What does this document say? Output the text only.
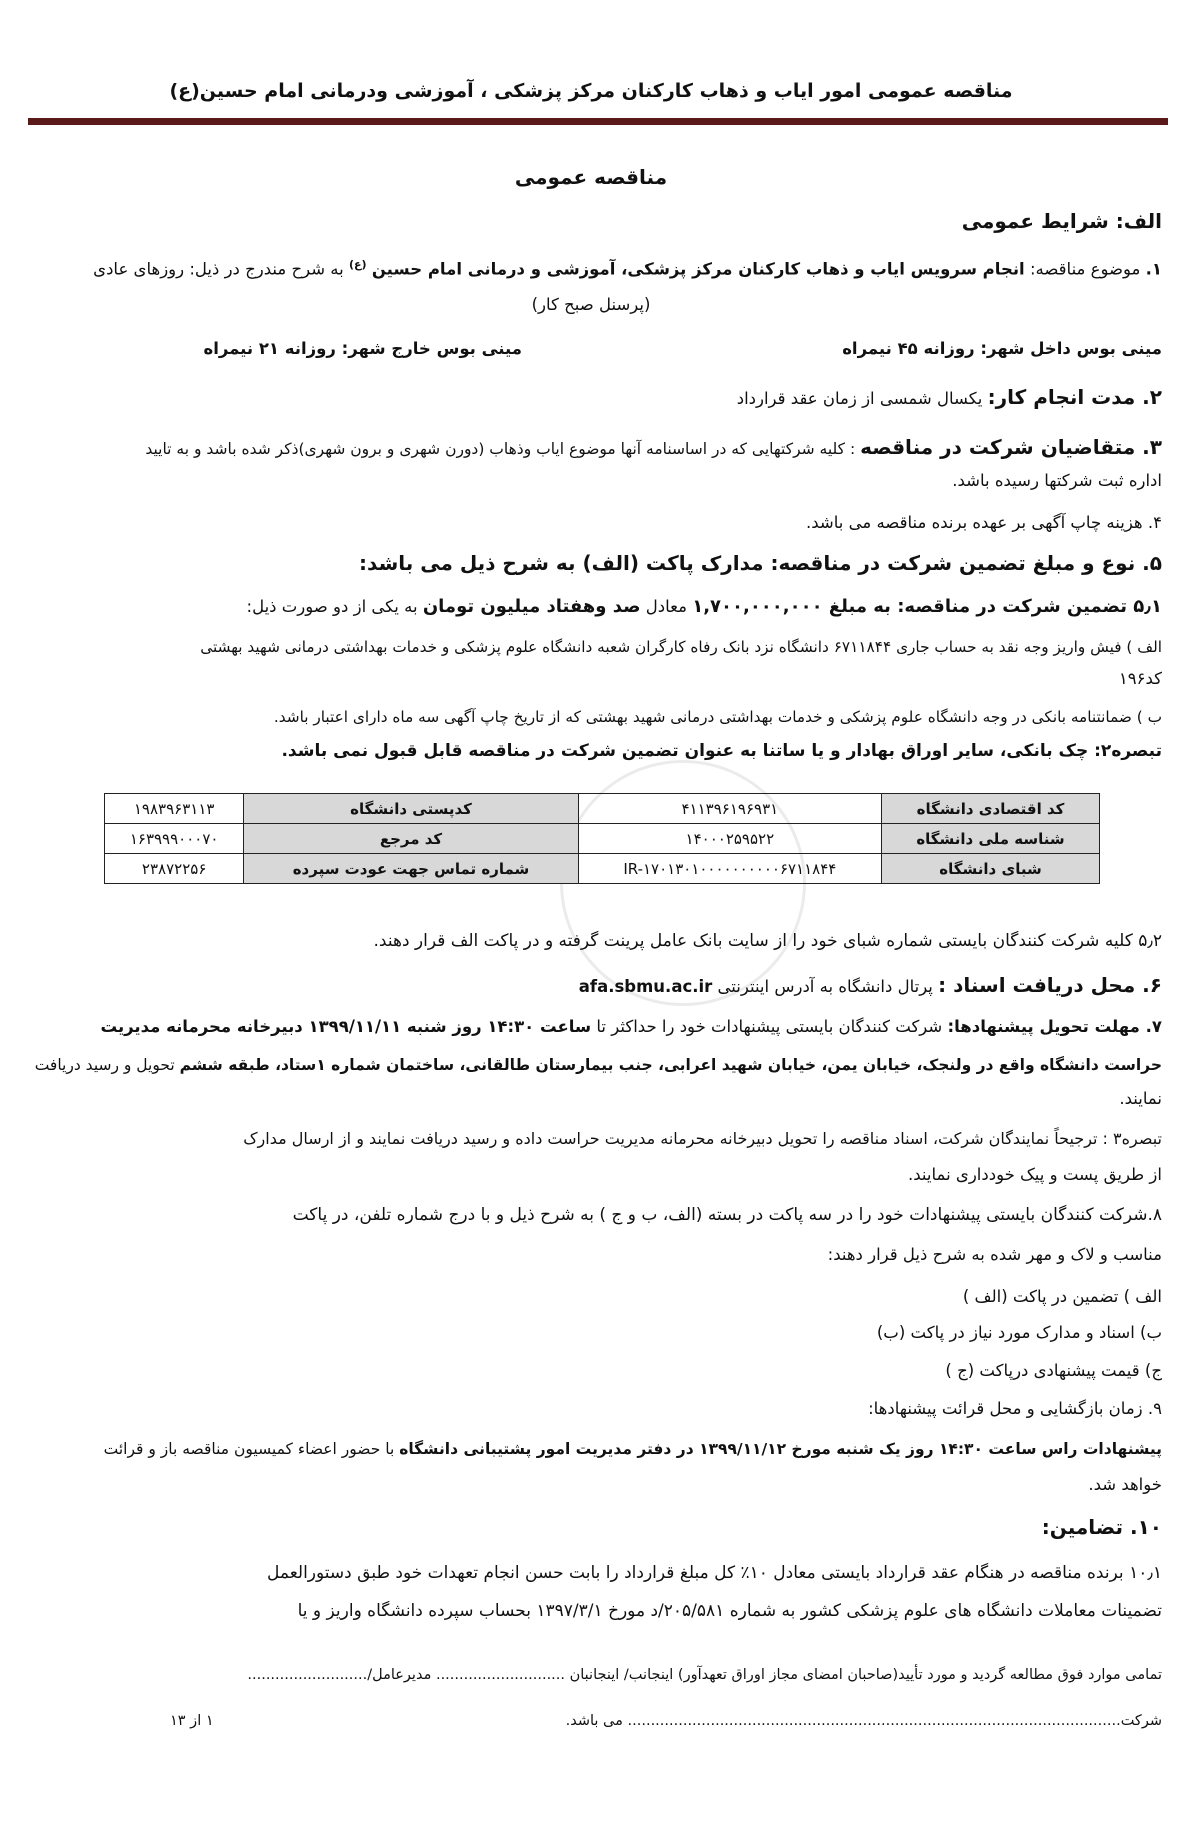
مناقصه عمومی امور ایاب و ذهاب کارکنان مرکز پزشکی ، آموزشی ودرمانی امام حسین(ع)
مناقصه عمومی
الف: شرایط عمومی
۱. موضوع مناقصه: انجام سرویس ایاب و ذهاب کارکنان مرکز پزشکی، آموزشی و درمانی امام حسین $^{(ع)}$ به شرح مندرج در ذیل: روزهای عادی
(پرسنل صبح کار)
مینی بوس داخل شهر: روزانه ۴۵ نیمراه
مینی بوس خارج شهر: روزانه ۲۱ نیمراه
۲. مدت انجام کار: یکسال شمسی از زمان عقد قرارداد
۳. متقاضیان شرکت در مناقصه : کلیه شرکتهایی که در اساسنامه آنها موضوع ایاب وذهاب (دورن شهری و برون شهری)ذکر شده باشد و به تایید
اداره ثبت شرکتها رسیده باشد.
۴. هزینه چاپ آگهی بر عهده برنده مناقصه می باشد.
۵. نوع و مبلغ تضمین شرکت در مناقصه: مدارک پاکت (الف) به شرح ذیل می باشد:
۵٫۱ تضمین شرکت در مناقصه: به مبلغ ۱,۷۰۰,۰۰۰,۰۰۰ معادل صد وهفتاد میلیون تومان به یکی از دو صورت ذیل:
الف ) فیش واریز وجه نقد به حساب جاری ۶۷۱۱۸۴۴ دانشگاه نزد بانک رفاه کارگران شعبه دانشگاه علوم پزشکی و خدمات بهداشتی درمانی شهید بهشتی
کد۱۹۶
ب ) ضمانتنامه بانکی در وجه دانشگاه علوم پزشکی و خدمات بهداشتی درمانی شهید بهشتی که از تاریخ چاپ آگهی سه ماه دارای اعتبار باشد.
تبصره۲: چک بانکی، سایر اوراق بهادار و یا ساتنا به عنوان تضمین شرکت در مناقصه قابل قبول نمی باشد.
کد اقتصادی دانشگاه	۴۱۱۳۹۶۱۹۶۹۳۱	کدپستی دانشگاه	۱۹۸۳۹۶۳۱۱۳
شناسه ملی دانشگاه	۱۴۰۰۰۲۵۹۵۲۲	کد مرجع	۱۶۳۹۹۹۰۰۰۷۰
شبای دانشگاه	IR-۱۷۰۱۳۰۱۰۰۰۰۰۰۰۰۰۰۶۷۱۱۸۴۴	شماره تماس جهت عودت سپرده	۲۳۸۷۲۲۵۶
۵٫۲ کلیه شرکت کنندگان بایستی شماره شبای خود را از سایت بانک عامل پرینت گرفته و در پاکت الف قرار دهند.
۶. محل دریافت اسناد : پرتال دانشگاه به آدرس اینترنتی afa.sbmu.ac.ir
۷. مهلت تحویل پیشنهادها: شرکت کنندگان بایستی پیشنهادات خود را حداکثر تا ساعت ۱۴:۳۰ روز شنبه ۱۳۹۹/۱۱/۱۱ دبیرخانه محرمانه مدیریت
حراست دانشگاه واقع در ولنجک، خیابان یمن، خیابان شهید اعرابی، جنب بیمارستان طالقانی، ساختمان شماره ۱ستاد، طبقه ششم تحویل و رسید دریافت
نمایند.
تبصره۳ : ترجیحاً نمایندگان شرکت، اسناد مناقصه را تحویل دبیرخانه محرمانه مدیریت حراست داده و رسید دریافت نمایند و از ارسال مدارک
از طریق پست و پیک خودداری نمایند.
۸.شرکت کنندگان بایستی پیشنهادات خود را در سه پاکت در بسته (الف، ب و ج ) به شرح ذیل و با درج شماره تلفن، در پاکت
مناسب و لاک و مهر شده به شرح ذیل قرار دهند:
الف ) تضمین در پاکت (الف )
ب) اسناد و مدارک مورد نیاز در پاکت (ب)
ج) قیمت پیشنهادی درپاکت (ج )
۹. زمان بازگشایی و محل قرائت پیشنهادها:
پیشنهادات راس ساعت ۱۴:۳۰ روز یک شنبه مورخ ۱۳۹۹/۱۱/۱۲ در دفتر مدیریت امور پشتیبانی دانشگاه با حضور اعضاء کمیسیون مناقصه باز و قرائت
خواهد شد.
۱۰. تضامین:
۱۰٫۱ برنده مناقصه در هنگام عقد قرارداد بایستی معادل ۱۰٪ کل مبلغ قرارداد را بابت حسن انجام تعهدات خود طبق دستورالعمل
تضمینات معاملات دانشگاه های علوم پزشکی کشور به شماره ۲۰۵/۵۸۱/د مورخ ۱۳۹۷/۳/۱ بحساب سپرده دانشگاه واریز و یا
تمامی موارد فوق مطالعه گردید و مورد تأیید(صاحبان امضای مجاز اوراق تعهدآور) اینجانب/ اینجانبان ............................ مدیرعامل/..........................
شرکت........................................................................................................... می باشد.
۱ از ۱۳
